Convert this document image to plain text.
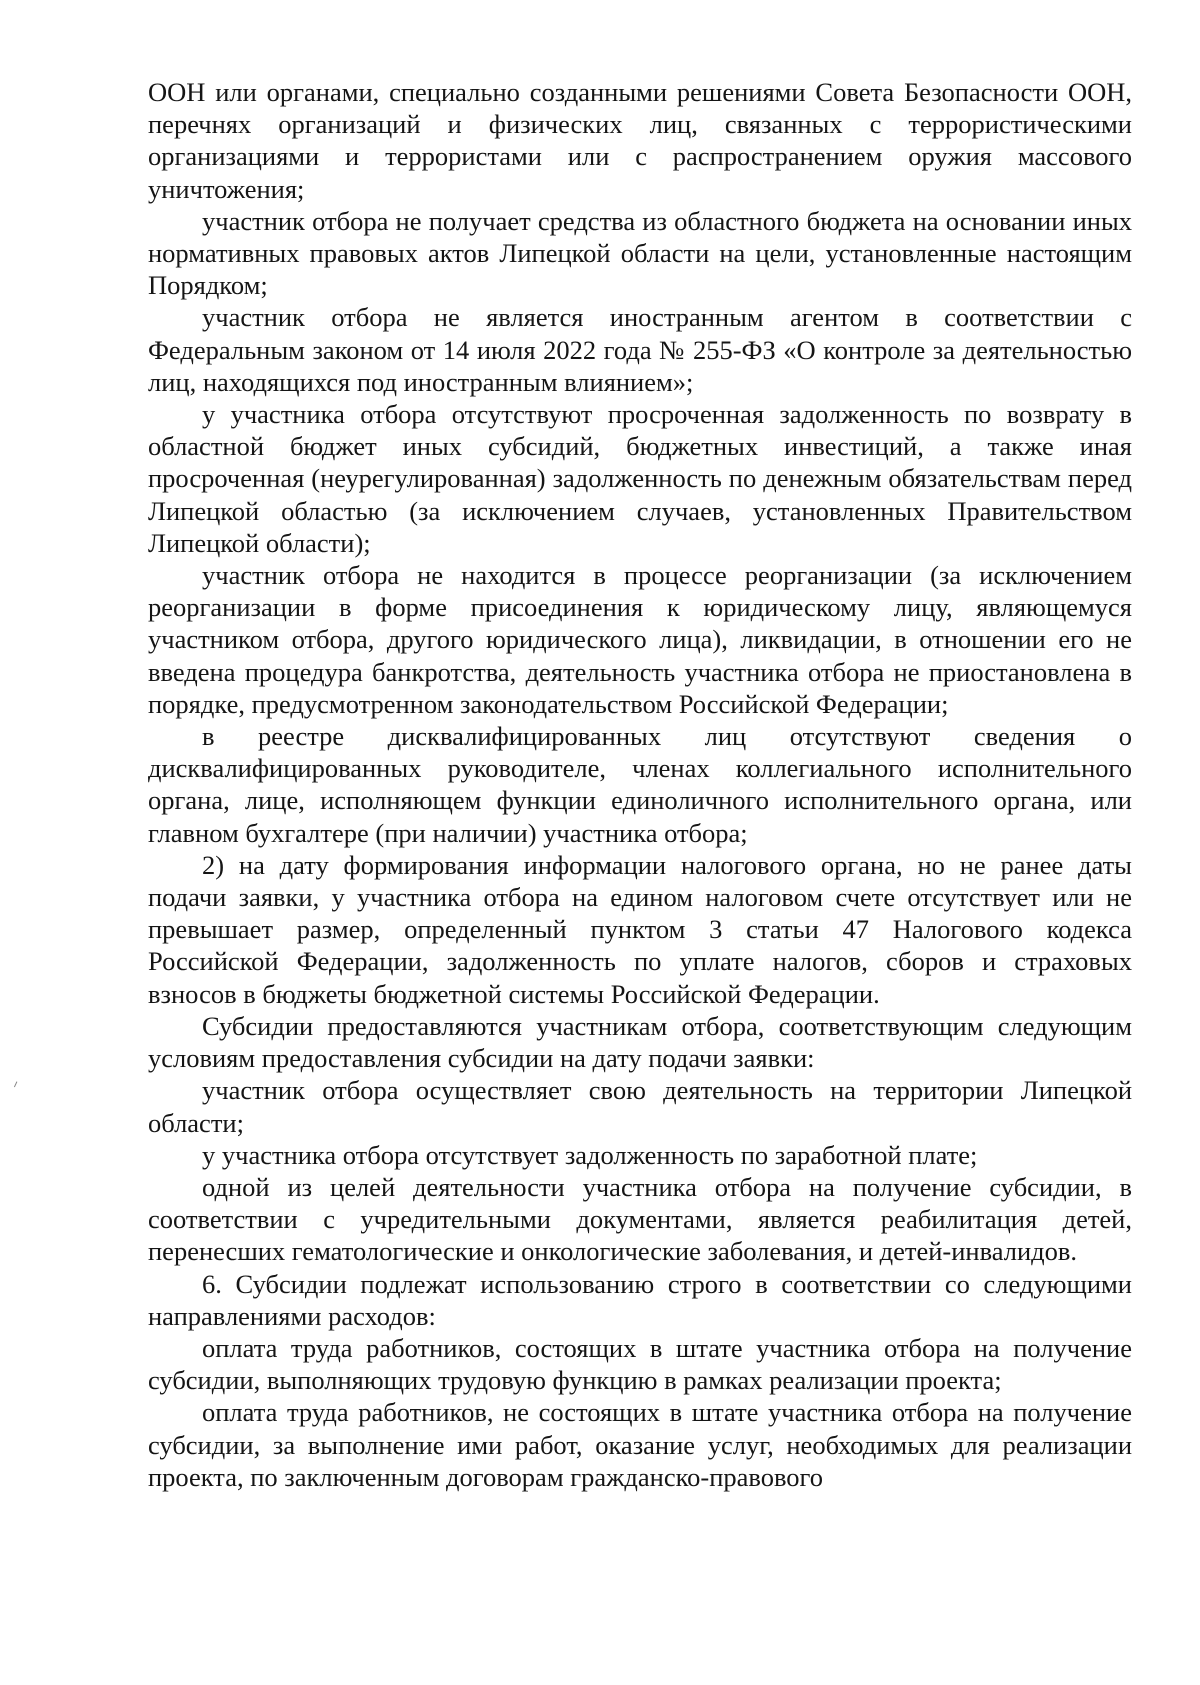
ООН или органами, специально созданными решениями Совета Безопасности ООН, перечнях организаций и физических лиц, связанных с террористическими организациями и террористами или с распространением оружия массового уничтожения;

участник отбора не получает средства из областного бюджета на основании иных нормативных правовых актов Липецкой области на цели, установленные настоящим Порядком;

участник отбора не является иностранным агентом в соответствии с Федеральным законом от 14 июля 2022 года № 255-ФЗ «О контроле за деятельностью лиц, находящихся под иностранным влиянием»;

у участника отбора отсутствуют просроченная задолженность по возврату в областной бюджет иных субсидий, бюджетных инвестиций, а также иная просроченная (неурегулированная) задолженность по денежным обязательствам перед Липецкой областью (за исключением случаев, установленных Правительством Липецкой области);

участник отбора не находится в процессе реорганизации (за исключением реорганизации в форме присоединения к юридическому лицу, являющемуся участником отбора, другого юридического лица), ликвидации, в отношении его не введена процедура банкротства, деятельность участника отбора не приостановлена в порядке, предусмотренном законодательством Российской Федерации;

в реестре дисквалифицированных лиц отсутствуют сведения о дисквалифицированных руководителе, членах коллегиального исполнительного органа, лице, исполняющем функции единоличного исполнительного органа, или главном бухгалтере (при наличии) участника отбора;

2) на дату формирования информации налогового органа, но не ранее даты подачи заявки, у участника отбора на едином налоговом счете отсутствует или не превышает размер, определенный пунктом 3 статьи 47 Налогового кодекса Российской Федерации, задолженность по уплате налогов, сборов и страховых взносов в бюджеты бюджетной системы Российской Федерации.

Субсидии предоставляются участникам отбора, соответствующим следующим условиям предоставления субсидии на дату подачи заявки:

участник отбора осуществляет свою деятельность на территории Липецкой области;

у участника отбора отсутствует задолженность по заработной плате;

одной из целей деятельности участника отбора на получение субсидии, в соответствии с учредительными документами, является реабилитация детей, перенесших гематологические и онкологические заболевания, и детей-инвалидов.

6. Субсидии подлежат использованию строго в соответствии со следующими направлениями расходов:

оплата труда работников, состоящих в штате участника отбора на получение субсидии, выполняющих трудовую функцию в рамках реализации проекта;

оплата труда работников, не состоящих в штате участника отбора на получение субсидии, за выполнение ими работ, оказание услуг, необходимых для реализации проекта, по заключенным договорам гражданско-правового
